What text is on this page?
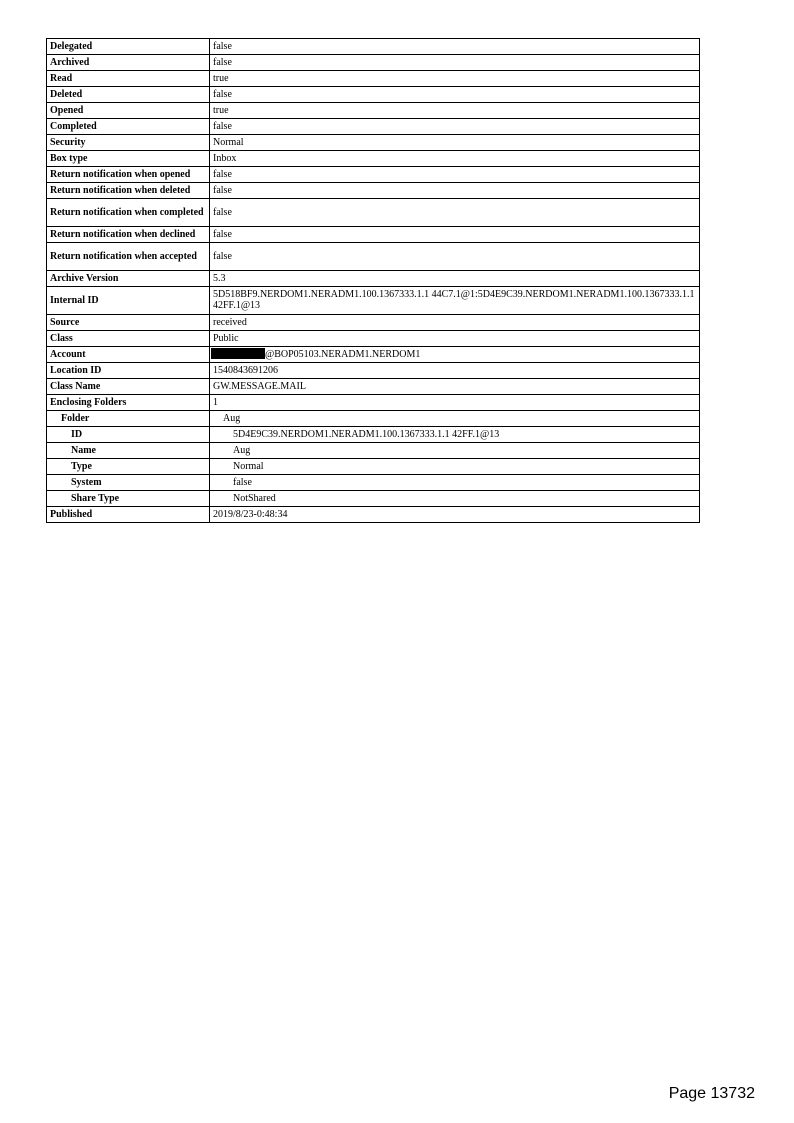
Delegated	false
Archived	false
Read	true
Deleted	false
Opened	true
Completed	false
Security	Normal
Box type	Inbox
Return notification when opened	false
Return notification when deleted	false
Return notification when completed	false
Return notification when declined	false
Return notification when accepted	false
Archive Version	5.3
Internal ID	5D518BF9.NERDOM1.NERADM1.100.1367333.1.1 44C7.1@1:5D4E9C39.NERDOM1.NERADM1.100.1367333.1.142FF.1@13
Source	received
Class	Public
Account	@BOP05103.NERADM1.NERDOM1
Location ID	1540843691206
Class Name	GW.MESSAGE.MAIL
Enclosing Folders	1
Folder	Aug
ID	5D4E9C39.NERDOM1.NERADM1.100.1367333.1.1 42FF.1@13
Name	Aug
Type	Normal
System	false
Share Type	NotShared
Published	2019/8/23-0:48:34
Page 13732
